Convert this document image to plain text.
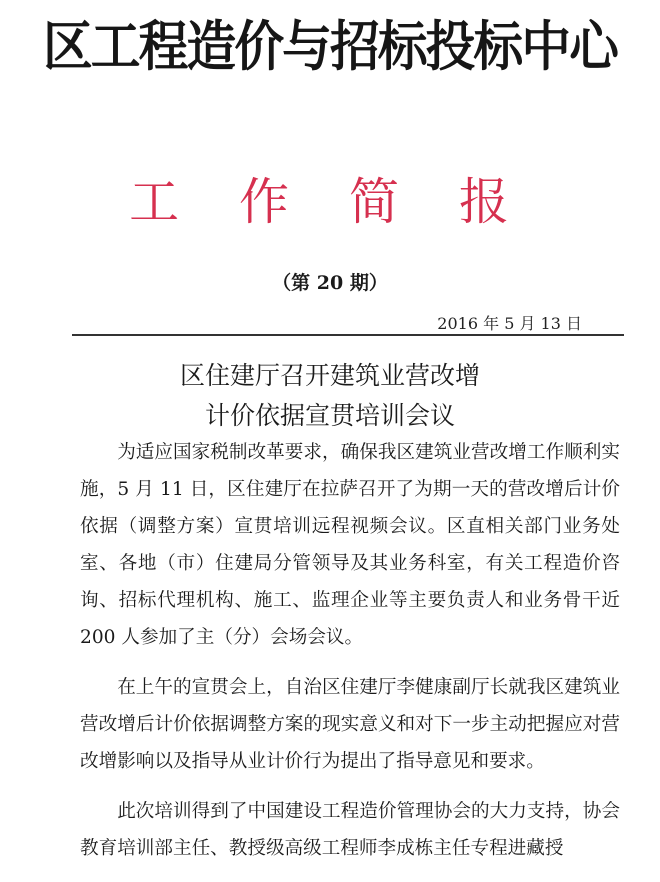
区工程造价与招标投标中心
工 作 简 报
（第 20 期）
2016 年 5 月 13 日
区住建厅召开建筑业营改增
计价依据宣贯培训会议

为适应国家税制改革要求，确保我区建筑业营改增工作顺利实施，5 月 11 日，区住建厅在拉萨召开了为期一天的营改增后计价依据（调整方案）宣贯培训远程视频会议。区直相关部门业务处室、各地（市）住建局分管领导及其业务科室，有关工程造价咨询、招标代理机构、施工、监理企业等主要负责人和业务骨干近 200 人参加了主（分）会场会议。

在上午的宣贯会上，自治区住建厅李健康副厅长就我区建筑业营改增后计价依据调整方案的现实意义和对下一步主动把握应对营改增影响以及指导从业计价行为提出了指导意见和要求。

此次培训得到了中国建设工程造价管理协会的大力支持，协会教育培训部主任、教授级高级工程师李成栋主任专程进藏授
